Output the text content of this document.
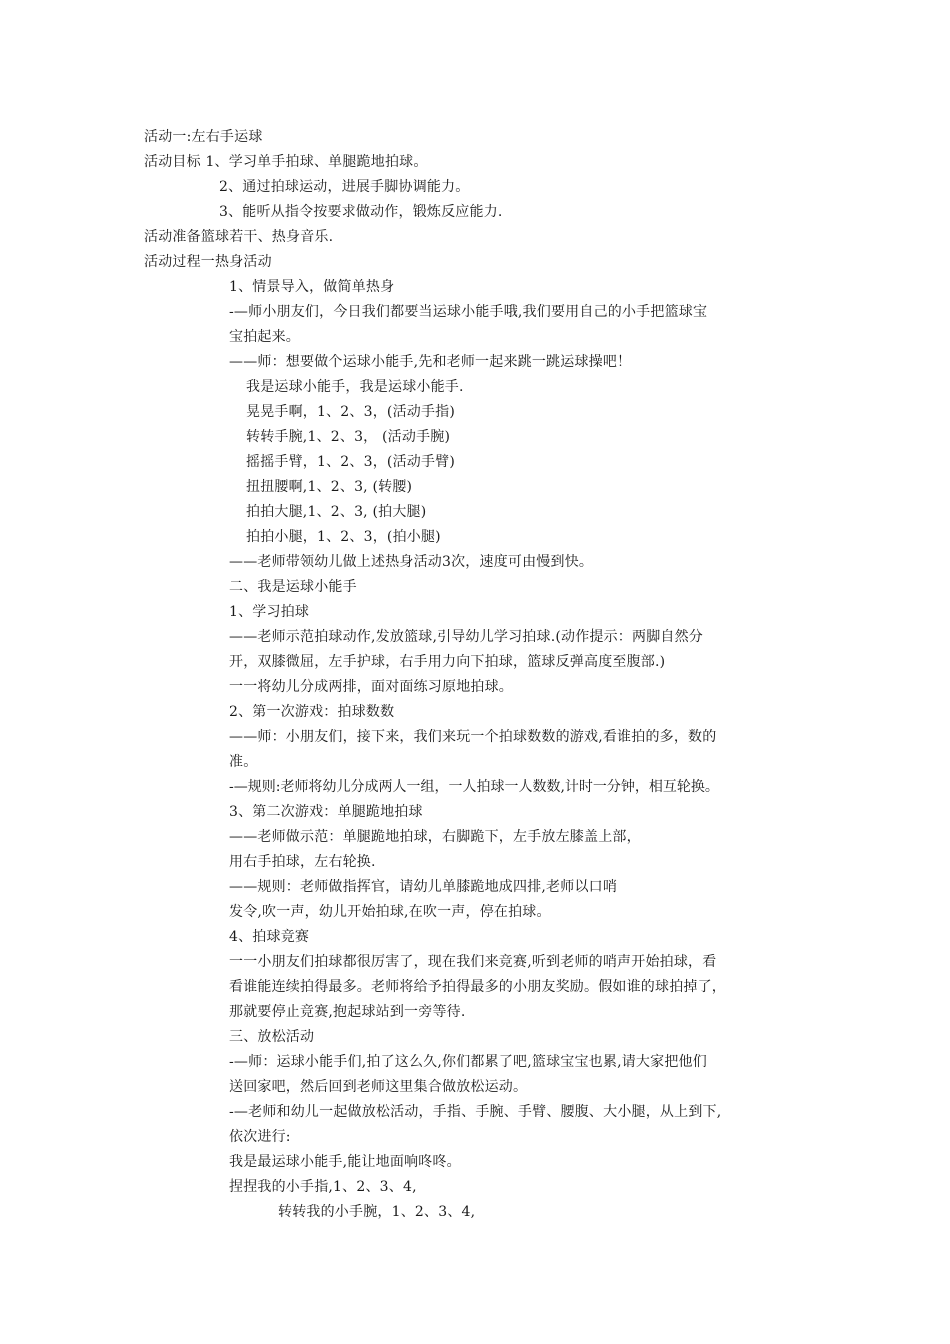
活动一:左右手运球
活动目标 1、学习单手拍球、单腿跪地拍球。
2、通过拍球运动，进展手脚协调能力。
3、能听从指令按要求做动作，锻炼反应能力.
活动准备篮球若干、热身音乐.
活动过程一热身活动
1、情景导入，做简单热身
-—师小朋友们，今日我们都要当运球小能手哦,我们要用自己的小手把篮球宝
宝拍起来。
——师：想要做个运球小能手,先和老师一起来跳一跳运球操吧！
我是运球小能手，我是运球小能手.
晃晃手啊，1、2、3，(活动手指)
转转手腕,1、2、3， (活动手腕)
摇摇手臂，1、2、3，(活动手臂)
扭扭腰啊,1、2、3, (转腰)
拍拍大腿,1、2、3, (拍大腿)
拍拍小腿，1、2、3，(拍小腿)
——老师带领幼儿做上述热身活动3次，速度可由慢到快。
二、我是运球小能手
1、学习拍球
——老师示范拍球动作,发放篮球,引导幼儿学习拍球.(动作提示：两脚自然分
开，双膝微屈，左手护球，右手用力向下拍球，篮球反弹高度至腹部.)
一一将幼儿分成两排，面对面练习原地拍球。
2、第一次游戏：拍球数数
——师：小朋友们，接下来，我们来玩一个拍球数数的游戏,看谁拍的多，数的
准。
-—规则:老师将幼儿分成两人一组，一人拍球一人数数,计时一分钟，相互轮换。
3、第二次游戏：单腿跪地拍球
——老师做示范：单腿跪地拍球，右脚跪下，左手放左膝盖上部，
用右手拍球，左右轮换.
——规则：老师做指挥官，请幼儿单膝跪地成四排,老师以口哨
发令,吹一声，幼儿开始拍球,在吹一声，停在拍球。
4、拍球竞赛
一一小朋友们拍球都很厉害了，现在我们来竞赛,听到老师的哨声开始拍球，看
看谁能连续拍得最多。老师将给予拍得最多的小朋友奖励。假如谁的球拍掉了，
那就要停止竞赛,抱起球站到一旁等待.
三、放松活动
-—师：运球小能手们,拍了这么久,你们都累了吧,篮球宝宝也累,请大家把他们
送回家吧，然后回到老师这里集合做放松运动。
-—老师和幼儿一起做放松活动，手指、手腕、手臂、腰腹、大小腿，从上到下,
依次进行:
我是最运球小能手,能让地面响咚咚。
捏捏我的小手指,1、2、3、4,
转转我的小手腕，1、2、3、4,
